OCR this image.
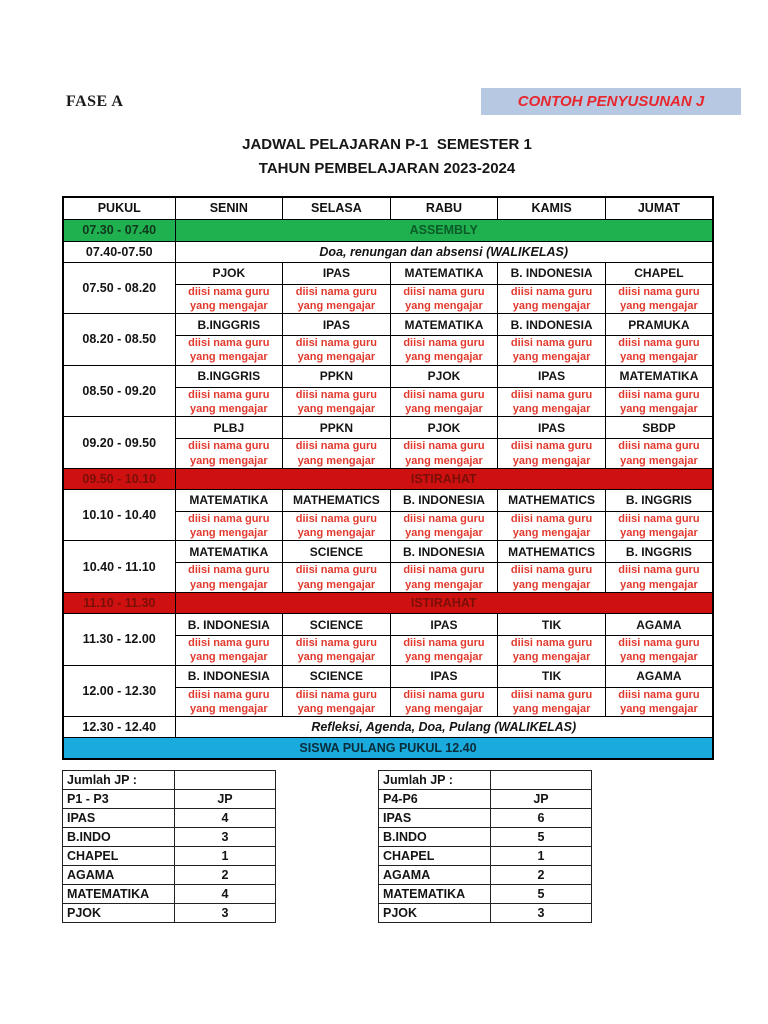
FASE A	CONTOH PENYUSUNAN J
JADWAL PELAJARAN P-1  SEMESTER 1
TAHUN PEMBELAJARAN 2023-2024
PUKUL	SENIN	SELASA	RABU	KAMIS	JUMAT
07.30 - 07.40	ASSEMBLY				
07.40-07.50	Doa, renungan dan absensi (WALIKELAS)				
07.50 - 08.20	PJOK	IPAS	MATEMATIKA	B. INDONESIA	CHAPEL
	diisi nama guru
yang mengajar	diisi nama guru
yang mengajar	diisi nama guru
yang mengajar	diisi nama guru
yang mengajar	diisi nama guru
yang mengajar
08.20 - 08.50	B.INGGRIS	IPAS	MATEMATIKA	B. INDONESIA	PRAMUKA
	diisi nama guru
yang mengajar	diisi nama guru
yang mengajar	diisi nama guru
yang mengajar	diisi nama guru
yang mengajar	diisi nama guru
yang mengajar
08.50 - 09.20	B.INGGRIS	PPKN	PJOK	IPAS	MATEMATIKA
	diisi nama guru
yang mengajar	diisi nama guru
yang mengajar	diisi nama guru
yang mengajar	diisi nama guru
yang mengajar	diisi nama guru
yang mengajar
09.20 - 09.50	PLBJ	PPKN	PJOK	IPAS	SBDP
	diisi nama guru
yang mengajar	diisi nama guru
yang mengajar	diisi nama guru
yang mengajar	diisi nama guru
yang mengajar	diisi nama guru
yang mengajar
09.50 - 10.10	ISTIRAHAT				
10.10 - 10.40	MATEMATIKA	MATHEMATICS	B. INDONESIA	MATHEMATICS	B. INGGRIS
	diisi nama guru
yang mengajar	diisi nama guru
yang mengajar	diisi nama guru
yang mengajar	diisi nama guru
yang mengajar	diisi nama guru
yang mengajar
10.40 - 11.10	MATEMATIKA	SCIENCE	B. INDONESIA	MATHEMATICS	B. INGGRIS
	diisi nama guru
yang mengajar	diisi nama guru
yang mengajar	diisi nama guru
yang mengajar	diisi nama guru
yang mengajar	diisi nama guru
yang mengajar
11.10 - 11.30	ISTIRAHAT				
11.30 - 12.00	B. INDONESIA	SCIENCE	IPAS	TIK	AGAMA
	diisi nama guru
yang mengajar	diisi nama guru
yang mengajar	diisi nama guru
yang mengajar	diisi nama guru
yang mengajar	diisi nama guru
yang mengajar
12.00 - 12.30	B. INDONESIA	SCIENCE	IPAS	TIK	AGAMA
	diisi nama guru
yang mengajar	diisi nama guru
yang mengajar	diisi nama guru
yang mengajar	diisi nama guru
yang mengajar	diisi nama guru
yang mengajar
12.30 - 12.40	Refleksi, Agenda, Doa, Pulang (WALIKELAS)				
SISWA PULANG PUKUL 12.40					
Jumlah JP :	
P1 - P3	JP
IPAS	4
B.INDO	3
CHAPEL	1
AGAMA	2
MATEMATIKA	4
PJOK	3
Jumlah JP :	
P4-P6	JP
IPAS	6
B.INDO	5
CHAPEL	1
AGAMA	2
MATEMATIKA	5
PJOK	3
